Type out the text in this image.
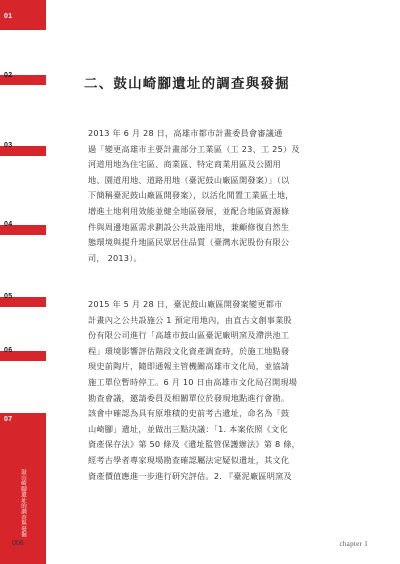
01
02
03
04
05
06
07
鼓山崎腳遺址的調查與發掘
二、鼓山崎腳遺址的調查與發掘
2013 年 6 月 28 日，高雄市都市計畫委員會審議通
過「變更高雄市主要計畫部分工業區（工 23、工 25）及
河道用地為住宅區、商業區、特定商業用區及公園用
地、園道用地、道路用地（臺泥鼓山廠區開發案）」（以
下簡稱臺泥鼓山廠區開發案），以活化閒置工業區土地，
增進土地利用效能並健全地區發展，並配合地區資源條
件與周邊地區需求劃設公共設施用地，兼顧修復自然生
態環境與提升地區民眾居住品質（臺灣水泥股份有限公
司， 2013）。
2015 年 5 月 28 日，臺泥鼓山廠區開發案變更都市
計畫內之公共設施公 1 預定用地內，由直古文創事業股
份有限公司進行「高雄市鼓山區臺泥廠明窯及滯洪池工
程」環境影響評估階段文化資產調查時，於施工地點發
現史前陶片，隨即通報主管機關高雄市文化局，並協請
施工單位暫時停工。6 月 10 日由高雄市文化局召開現場
勘查會議，邀請委員及相關單位於發現地點進行會勘。
該會中確認為具有原堆積的史前考古遺址，命名為「鼓
山崎腳」遺址，並做出三點決議：「1. 本案依照《文化
資產保存法》第 50 條及《遺址監管保護辦法》第 8 條，
經考古學者專家現場勘查確認屬法定疑似遺址，其文化
資產價值應進一步進行研究評估。2. 『臺泥廠區明窯及
006	chapter 1
